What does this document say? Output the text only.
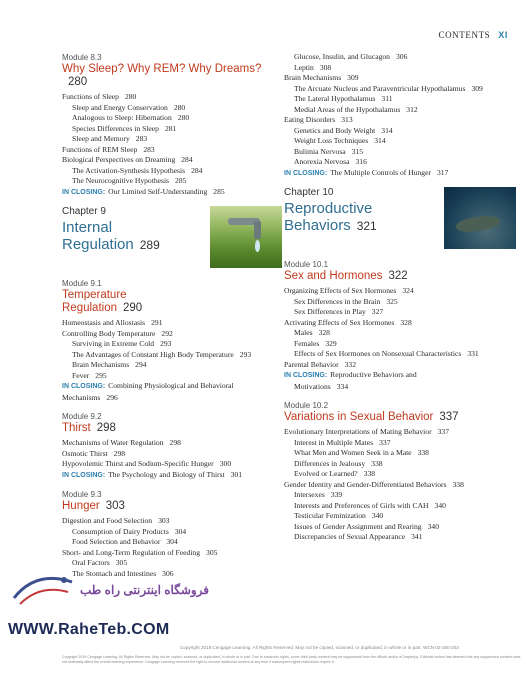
CONTENTS XI
Module 8.3
Why Sleep? Why REM? Why Dreams?280
Functions of Sleep 280
Sleep and Energy Conservation 280
Analogous to Sleep: Hibernation 280
Species Differences in Sleep 281
Sleep and Memory 283
Functions of REM Sleep 283
Biological Perspectives on Dreaming 284
The Activation-Synthesis Hypothesis 284
The Neurocognitive Hypothesis 285
IN CLOSING: Our Limited Self-Understanding 285
Chapter 9
Internal Regulation 289
Module 9.1
Temperature Regulation 290
Homeostasis and Allostasis 291
Controlling Body Temperature 292
Surviving in Extreme Cold 293
The Advantages of Constant High Body Temperature 293
Brain Mechanisms 294
Fever 295
IN CLOSING: Combining Physiological and Behavioral Mechanisms 296
Module 9.2
Thirst 298
Mechanisms of Water Regulation 298
Osmotic Thirst 298
Hypovolemic Thirst and Sodium-Specific Hunger 300
IN CLOSING: The Psychology and Biology of Thirst 301
Module 9.3
Hunger 303
Digestion and Food Selection 303
Consumption of Dairy Products 304
Food Selection and Behavior 304
Short- and Long-Term Regulation of Feeding 305
Oral Factors 305
The Stomach and Intestines 306
Glucose, Insulin, and Glucagon 306
Leptin 308
Brain Mechanisms 309
The Arcuate Nucleus and Paraventricular Hypothalamus 309
The Lateral Hypothalamus 311
Medial Areas of the Hypothalamus 312
Eating Disorders 313
Genetics and Body Weight 314
Weight Loss Techniques 314
Bulimia Nervosa 315
Anorexia Nervosa 316
IN CLOSING: The Multiple Controls of Hunger 317
Chapter 10
Reproductive Behaviors 321
Module 10.1
Sex and Hormones 322
Organizing Effects of Sex Hormones 324
Sex Differences in the Brain 325
Sex Differences in Play 327
Activating Effects of Sex Hormones 328
Males 328
Females 329
Effects of Sex Hormones on Nonsexual Characteristics 331
Parental Behavior 332
IN CLOSING: Reproductive Behaviors and Motivations 334
Module 10.2
Variations in Sexual Behavior 337
Evolutionary Interpretations of Mating Behavior 337
Interest in Multiple Mates 337
What Men and Women Seek in a Mate 338
Differences in Jealousy 338
Evolved or Learned? 338
Gender Identity and Gender-Differentiated Behaviors 338
Intersexes 339
Interests and Preferences of Girls with CAH 340
Testicular Feminization 340
Issues of Gender Assignment and Rearing 340
Discrepancies of Sexual Appearance 341
فروشگاه اینترنتی راه طب
WWW.RaheTeb.COM
Copyright 2019 Cengage Learning. All Rights Reserved. May not be copied, scanned, or duplicated, in whole or in part. WCN 02-200-203
Copyright 2019 Cengage Learning. All Rights Reserved. May not be copied, scanned, or duplicated, in whole or in part. Due to electronic rights, some third party content may be suppressed from the eBook and/or eChapter(s). Editorial review has deemed that any suppressed content does not materially affect the overall learning experience. Cengage Learning reserves the right to remove additional content at any time if subsequent rights restrictions require it.
